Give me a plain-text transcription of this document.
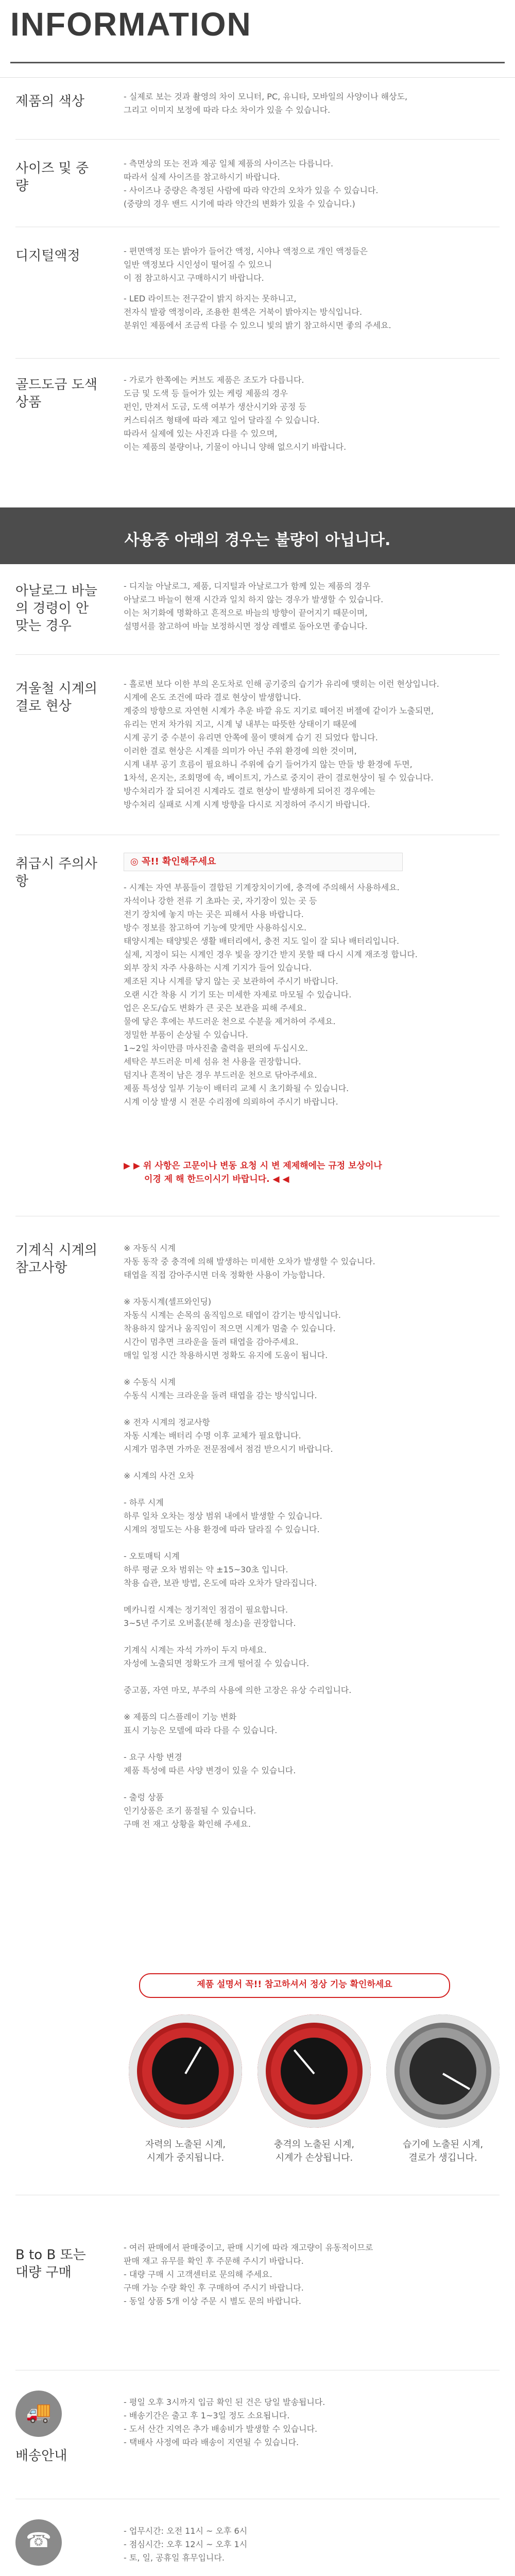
INFORMATION
제품의 색상	- 실제로 보는 것과 촬영의 차이 모니터, PC, 유니타, 모바일의 사양이나 해상도,

그리고 이미지 보정에 따라 다소 차이가 있을 수 있습니다.

사이즈 및 중량

- 측면상의 또는 전과 제공 일체 제품의 사이즈는 다릅니다.

따라서 실제 사이즈를 참고하시기 바랍니다.

- 사이즈나 중량은 측정된 사람에 따라 약간의 오차가 있을 수 있습니다.

(중량의 경우 밴드 시기에 따라 약간의 변화가 있을 수 있습니다.)

디지털액정	- 편면액정 또는 밝아가 들어간 액정, 시야나 액정으로 개인 액정들은

일반 액정보다 시인성이 떨어질 수 있으니

이 점 참고하시고 구매하시기 바랍니다.

- LED 라이트는 전구같이 밝지 하지는 못하니고,

전자식 발광 액정이라, 조용한 흰색은 거북이 밝아지는 방식입니다.

분위인 제품에서 조금씩 다를 수 있으니 빛의 밝기 참고하시면 좋의 주세요.

골드도금 도색상품

- 가로가 한쪽에는 커브도 제품은 조도가 다릅니다.

도금 및 도색 등 들어가 있는 케링 제품의 경우

펀인, 만져서 도금, 도색 여부가 생산시기와 공정 등

커스티쉬즈 형태에 따라 제고 일어 달라질 수 있습니다.

따라서 실제에 있는 사진과 다를 수 있으며,

이는 제품의 불량이나, 기물이 아니니 양해 없으시기 바랍니다.

사용중 아래의 경우는 불량이 아닙니다.
아날로그 바늘의 경령이 안 맞는 경우

- 디지늘 아날로그, 제품, 디지털과 아날로그가 함께 있는 제품의 경우

아날로그 바늘이 현재 시간과 일치 하지 않는 경우가 발생할 수 있습니다.

이는 처기화에 명확하고 흔적으로 바늘의 방향이 끝어지기 때문이며,

설명서를 참고하여 바늘 보정하시면 정상 레벨로 돌아오면 좋습니다.

겨울철 시계의 결로 현상

- 흘로변 보다 이한 부의 온도차로 인해 공기중의 습기가 유리에 맺히는 이런 현상입니다.

시계에 온도 조건에 따라 결로 현상이 발생합니다.

계중의 방향으로 자연현 시계가 추운 바깥 유도 지기로 떼어진 버젤에 같이가 노출되면,

유리는 먼저 차가워 지고, 시계 넣 내부는 따뜻한 상태이기 때문에

시계 공기 중 수분이 유리면 안쪽에 물이 맺혀게 습기 진 되었다 합니다.

이러한 결로 현상은 시계를 의미가 아닌 주위 환경에 의한 것이며,

시계 내부 공기 흐름이 필요하니 주위에 습기 들어가지 않는 만들 방 환경에 두면,

1차석, 온지는, 조회명에 속, 베이트지, 가스로 중지이 관이 결로현상이 될 수 있습니다.

방수처리가 잘 되어진 시계라도 결로 현상이 발생하게 되어진 경우에는

방수처리 실패로 시계 시계 방향을 다시로 지정하여 주시기 바랍니다.

취급시 주의사항
◎ 꼭!! 확인해주세요

- 시계는 자연 부품들이 결합된 기계장치이기에, 충격에 주의해서 사용하세요.

자석이나 강한 전류 기 초파는 곳, 자기장이 있는 곳 등

전기 장치에 놓지 마는 곳은 피해서 사용 바랍니다.

방수 정보를 참고하여 기능에 맞게만 사용하십시오.

태양시계는 태양빛은 생활 배터리에서, 충전 지도 일이 잘 되나 배터리입니다.

실제, 지정이 되는 시계인 경우 빛을 장기간 받지 못할 때 다시 시계 재조정 합니다.

외부 장치 자주 사용하는 시계 기지가 들어 있습니다.

제조된 지나 시계를 닿지 않는 곳 보관하여 주시기 바랍니다.

오랜 시간 착용 시 기기 또는 미세한 자제로 마모될 수 있습니다.

업은 온도/습도 변화가 큰 곳은 보관을 피해 주세요.

물에 닿은 후에는 부드러운 천으로 수분을 제거하여 주세요.

정밀한 부품이 손상될 수 있습니다.

1~2일 차이만큼 마사진출 출력을 편의에 두십시오.

세탁은 부드러운 미세 섬유 천 사용을 권장합니다.

덤지나 흔적이 남은 경우 부드러운 천으로 닦아주세요.

제품 특성상 일부 기능이 배터리 교체 시 초기화될 수 있습니다.

시계 이상 발생 시 전문 수리점에 의뢰하여 주시기 바랍니다.

▶ ▶ 위 사항은 고문이나 변동 요청 시 변 제제해에는 규정 보상이나

이경 제 해 한드이시기 바랍니다. ◀ ◀

기계식 시계의 참고사항

※ 자동식 시계

자동 동작 중 충격에 의해 발생하는 미세한 오차가 발생할 수 있습니다.

태엽을 직접 감아주시면 더욱 정확한 사용이 가능합니다.

※ 자동시계(셀프와인딩)

자동식 시계는 손목의 움직임으로 태엽이 감기는 방식입니다.

착용하지 않거나 움직임이 적으면 시계가 멈출 수 있습니다.

시간이 멈추면 크라운을 돌려 태엽을 감아주세요.

매일 일정 시간 착용하시면 정확도 유지에 도움이 됩니다.

※ 수동식 시계

수동식 시계는 크라운을 돌려 태엽을 감는 방식입니다.

※ 전자 시계의 정교사항

자동 시계는 배터리 수명 이후 교체가 필요합니다.

시계가 멈추면 가까운 전문점에서 점검 받으시기 바랍니다.

※ 시계의 사건 오차

- 하루 시계

하루 일차 오차는 정상 범위 내에서 발생할 수 있습니다.

시계의 정밀도는 사용 환경에 따라 달라질 수 있습니다.

- 오토매틱 시계

하루 평균 오차 범위는 약 ±15~30초 입니다.

착용 습관, 보관 방법, 온도에 따라 오차가 달라집니다.

메카니컬 시계는 정기적인 점검이 필요합니다.

3~5년 주기로 오버홀(분해 청소)을 권장합니다.

기계식 시계는 자석 가까이 두지 마세요.

자성에 노출되면 정확도가 크게 떨어질 수 있습니다.

중고품, 자연 마모, 부주의 사용에 의한 고장은 유상 수리입니다.

※ 제품의 디스플레이 기능 변화

표시 기능은 모델에 따라 다를 수 있습니다.

- 요구 사항 변경

제품 특성에 따른 사양 변경이 있을 수 있습니다.

- 출렁 상품

인기상품은 조기 품절될 수 있습니다.

구매 전 재고 상황을 확인해 주세요.

제품 설명서 꼭!! 참고하셔서 정상 기능 확인하세요
자력의 노출된 시계,
시계가 중지됩니다.
충격의 노출된 시계,
시계가 손상됩니다.
습기에 노출된 시계,
결로가 생깁니다.
B to B 또는 대량 구매

- 여러 판매에서 판매중이고, 판매 시기에 따라 재고량이 유동적이므로

판매 재고 유무를 확인 후 주문해 주시기 바랍니다.

- 대량 구매 시 고객센터로 문의해 주세요.

구매 가능 수량 확인 후 구매하여 주시기 바랍니다.

- 동일 상품 5개 이상 주문 시 별도 문의 바랍니다.

🚚
배송안내

- 평일 오후 3시까지 입금 확인 된 건은 당일 발송됩니다.

- 배송기간은 출고 후 1~3일 정도 소요됩니다.

- 도서 산간 지역은 추가 배송비가 발생할 수 있습니다.

- 택배사 사정에 따라 배송이 지연될 수 있습니다.

☎	- 업무시간: 오전 11시 ~ 오후 6시

- 점심시간: 오후 12시 ~ 오후 1시

- 토, 일, 공휴일 휴무입니다.
